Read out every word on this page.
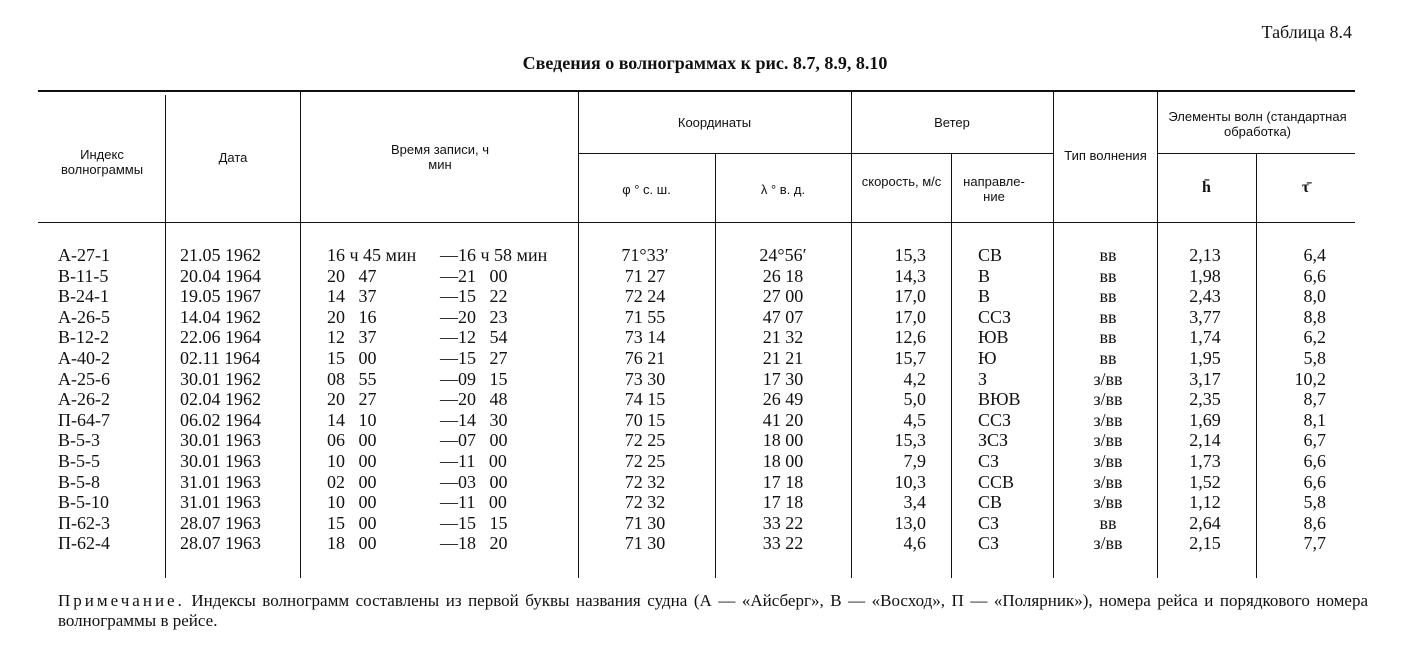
Таблица 8.4
Сведения о волнограммах к рис. 8.7, 8.9, 8.10
Индекс волнограммы
Дата
Время записи, ч мин
Координаты
φ ° с. ш.	λ ° в. д.
Ветер
скорость, м/с	направле-ние
Тип волнения
Элементы волн (стандартная обработка)
h̄	τ̄
А-27-1	21.05 1962	16 ч 45 мин	—16 ч 58 мин	71°33′	24°56′	15,3	СВ	вв	2,13	6,4
В-11-5	20.04 1964	20   47	—21   00	71 27	26 18	14,3	В	вв	1,98	6,6
В-24-1	19.05 1967	14   37	—15   22	72 24	27 00	17,0	В	вв	2,43	8,0
А-26-5	14.04 1962	20   16	—20   23	71 55	47 07	17,0	ССЗ	вв	3,77	8,8
В-12-2	22.06 1964	12   37	—12   54	73 14	21 32	12,6	ЮВ	вв	1,74	6,2
А-40-2	02.11 1964	15   00	—15   27	76 21	21 21	15,7	Ю	вв	1,95	5,8
А-25-6	30.01 1962	08   55	—09   15	73 30	17 30	4,2	З	з/вв	3,17	10,2
А-26-2	02.04 1962	20   27	—20   48	74 15	26 49	5,0	ВЮВ	з/вв	2,35	8,7
П-64-7	06.02 1964	14   10	—14   30	70 15	41 20	4,5	ССЗ	з/вв	1,69	8,1
В-5-3	30.01 1963	06   00	—07   00	72 25	18 00	15,3	ЗСЗ	з/вв	2,14	6,7
В-5-5	30.01 1963	10   00	—11   00	72 25	18 00	7,9	СЗ	з/вв	1,73	6,6
В-5-8	31.01 1963	02   00	—03   00	72 32	17 18	10,3	ССВ	з/вв	1,52	6,6
В-5-10	31.01 1963	10   00	—11   00	72 32	17 18	3,4	СВ	з/вв	1,12	5,8
П-62-3	28.07 1963	15   00	—15   15	71 30	33 22	13,0	СЗ	вв	2,64	8,6
П-62-4	28.07 1963	18   00	—18   20	71 30	33 22	4,6	СЗ	з/вв	2,15	7,7
Примечание. Индексы волнограмм составлены из первой буквы названия судна (А — «Айсберг», В — «Восход», П — «Полярник»), номера рейса и порядкового номера волнограммы в рейсе.
